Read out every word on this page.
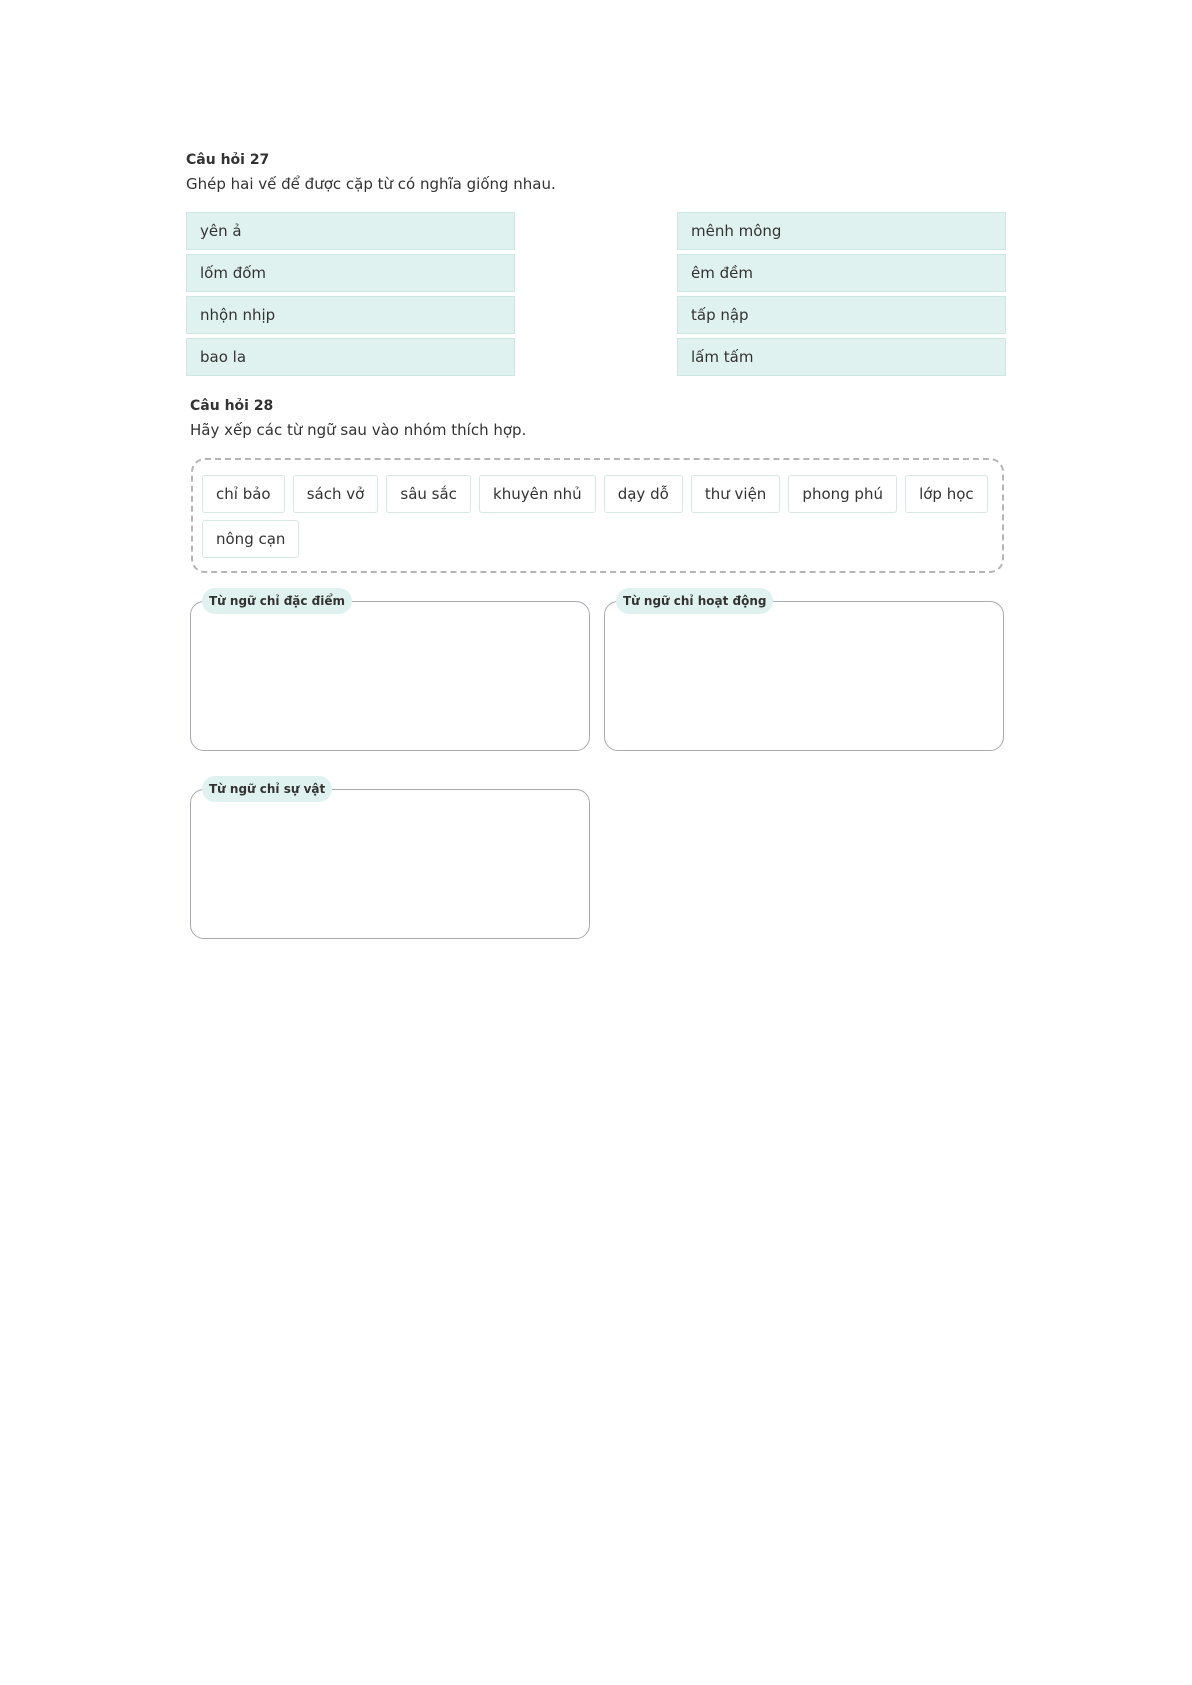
Câu hỏi 27
Ghép hai vế để được cặp từ có nghĩa giống nhau.
yên ả
lốm đốm
nhộn nhịp
bao la
mênh mông
êm đềm
tấp nập
lấm tấm
Câu hỏi 28
Hãy xếp các từ ngữ sau vào nhóm thích hợp.
chỉ bảo sách vở sâu sắc khuyên nhủ dạy dỗ thư viện phong phú lớp học nông cạn
Từ ngữ chỉ đặc điểm	Từ ngữ chỉ hoạt động
Từ ngữ chỉ sự vật
